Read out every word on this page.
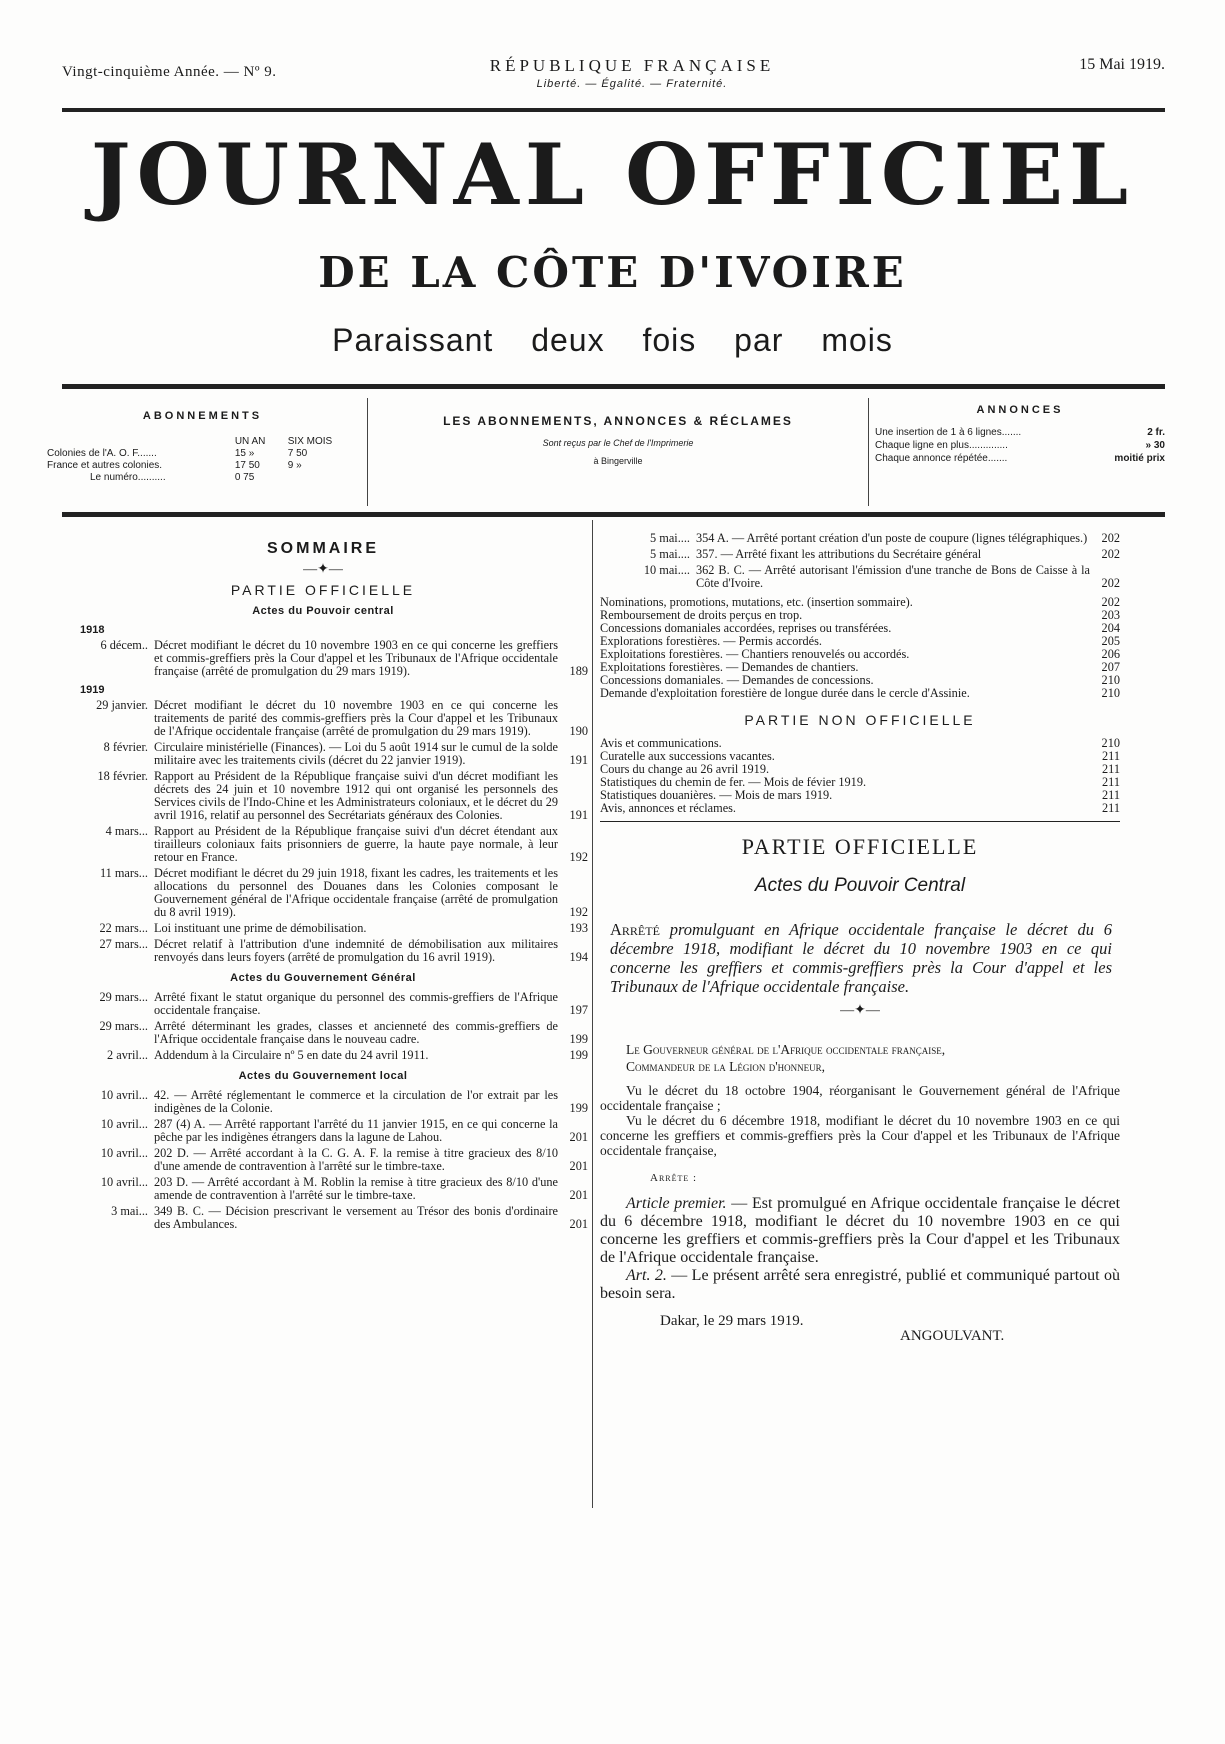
Vingt-cinquième Année. — Nº 9.	RÉPUBLIQUE FRANÇAISE
Liberté. — Égalité. — Fraternité.
15 Mai 1919.
JOURNAL OFFICIEL
DE LA CÔTE D'IVOIRE
Paraissant deux fois par mois
ABONNEMENTS
	UN AN	SIX MOIS
Colonies de l'A. O. F.......	15 »	7 50
France et autres colonies.	17 50	9 »
Le numéro..........	0 75	
LES ABONNEMENTS, ANNONCES & RÉCLAMES
Sont reçus par le Chef de l'Imprimerie
à Bingerville
ANNONCES
Une insertion de 1 à 6 lignes.......	2 fr.
Chaque ligne en plus..............	» 30
Chaque annonce répétée.......	moitié prix
SOMMAIRE
—✦—
PARTIE OFFICIELLE
Actes du Pouvoir central
1918
6 décem.. Décret modifiant le décret du 10 novembre 1903 en ce qui concerne les greffiers et commis-greffiers près la Cour d'appel et les Tribunaux de l'Afrique occidentale française (arrêté de promulgation du 29 mars 1919).	189
1919
29 janvier. Décret modifiant le décret du 10 novembre 1903 en ce qui concerne les traitements de parité des commis-greffiers près la Cour d'appel et les Tribunaux de l'Afrique occidentale française (arrêté de promulgation du 29 mars 1919).	190
8 février. Circulaire ministérielle (Finances). — Loi du 5 août 1914 sur le cumul de la solde militaire avec les traitements civils (décret du 22 janvier 1919).	191
18 février. Rapport au Président de la République française suivi d'un décret modifiant les décrets des 24 juin et 10 novembre 1912 qui ont organisé les personnels des Services civils de l'Indo-Chine et les Administrateurs coloniaux, et le décret du 29 avril 1916, relatif au personnel des Secrétariats généraux des Colonies.	191
4 mars... Rapport au Président de la République française suivi d'un décret étendant aux tirailleurs coloniaux faits prisonniers de guerre, la haute paye normale, à leur retour en France.	192
11 mars... Décret modifiant le décret du 29 juin 1918, fixant les cadres, les traitements et les allocations du personnel des Douanes dans les Colonies composant le Gouvernement général de l'Afrique occidentale française (arrêté de promulgation du 8 avril 1919).	192
22 mars... Loi instituant une prime de démobilisation.	193
27 mars... Décret relatif à l'attribution d'une indemnité de démobilisation aux militaires renvoyés dans leurs foyers (arrêté de promulgation du 16 avril 1919).	194
Actes du Gouvernement Général
29 mars... Arrêté fixant le statut organique du personnel des commis-greffiers de l'Afrique occidentale française.	197
29 mars... Arrêté déterminant les grades, classes et ancienneté des commis-greffiers de l'Afrique occidentale française dans le nouveau cadre.	199
2 avril... Addendum à la Circulaire nº 5 en date du 24 avril 1911.	199
Actes du Gouvernement local
10 avril... 42. — Arrêté réglementant le commerce et la circulation de l'or extrait par les indigènes de la Colonie.	199
10 avril... 287 (4) A. — Arrêté rapportant l'arrêté du 11 janvier 1915, en ce qui concerne la pêche par les indigènes étrangers dans la lagune de Lahou.	201
10 avril... 202 D. — Arrêté accordant à la C. G. A. F. la remise à titre gracieux des 8/10 d'une amende de contravention à l'arrêté sur le timbre-taxe.	201
10 avril... 203 D. — Arrêté accordant à M. Roblin la remise à titre gracieux des 8/10 d'une amende de contravention à l'arrêté sur le timbre-taxe.	201
3 mai... 349 B. C. — Décision prescrivant le versement au Trésor des bonis d'ordinaire des Ambulances.	201
5 mai.... 354 A. — Arrêté portant création d'un poste de coupure (lignes télégraphiques.)	202
5 mai.... 357. — Arrêté fixant les attributions du Secrétaire général	202
10 mai.... 362 B. C. — Arrêté autorisant l'émission d'une tranche de Bons de Caisse à la Côte d'Ivoire.	202
Nominations, promotions, mutations, etc. (insertion sommaire).	202
Remboursement de droits perçus en trop.	203
Concessions domaniales accordées, reprises ou transférées.	204
Explorations forestières. — Permis accordés.	205
Exploitations forestières. — Chantiers renouvelés ou accordés.	206
Exploitations forestières. — Demandes de chantiers.	207
Concessions domaniales. — Demandes de concessions.	210
Demande d'exploitation forestière de longue durée dans le cercle d'Assinie.	210
PARTIE NON OFFICIELLE
Avis et communications.	210
Curatelle aux successions vacantes.	211
Cours du change au 26 avril 1919.	211
Statistiques du chemin de fer. — Mois de févier 1919.	211
Statistiques douanières. — Mois de mars 1919.	211
Avis, annonces et réclames.	211
PARTIE OFFICIELLE
Actes du Pouvoir Central
Arrêté promulguant en Afrique occidentale française le décret du 6 décembre 1918, modifiant le décret du 10 novembre 1903 en ce qui concerne les greffiers et commis-greffiers près la Cour d'appel et les Tribunaux de l'Afrique occidentale française.
—✦—
Le Gouverneur général de l'Afrique occidentale française,
Commandeur de la Légion d'honneur,
Vu le décret du 18 octobre 1904, réorganisant le Gouvernement général de l'Afrique occidentale française ;
Vu le décret du 6 décembre 1918, modifiant le décret du 10 novembre 1903 en ce qui concerne les greffiers et commis-greffiers près la Cour d'appel et les Tribunaux de l'Afrique occidentale française,
Arrête :
Article premier. — Est promulgué en Afrique occidentale française le décret du 6 décembre 1918, modifiant le décret du 10 novembre 1903 en ce qui concerne les greffiers et commis-greffiers près la Cour d'appel et les Tribunaux de l'Afrique occidentale française.
Art. 2. — Le présent arrêté sera enregistré, publié et communiqué partout où besoin sera.
Dakar, le 29 mars 1919.
ANGOULVANT.
